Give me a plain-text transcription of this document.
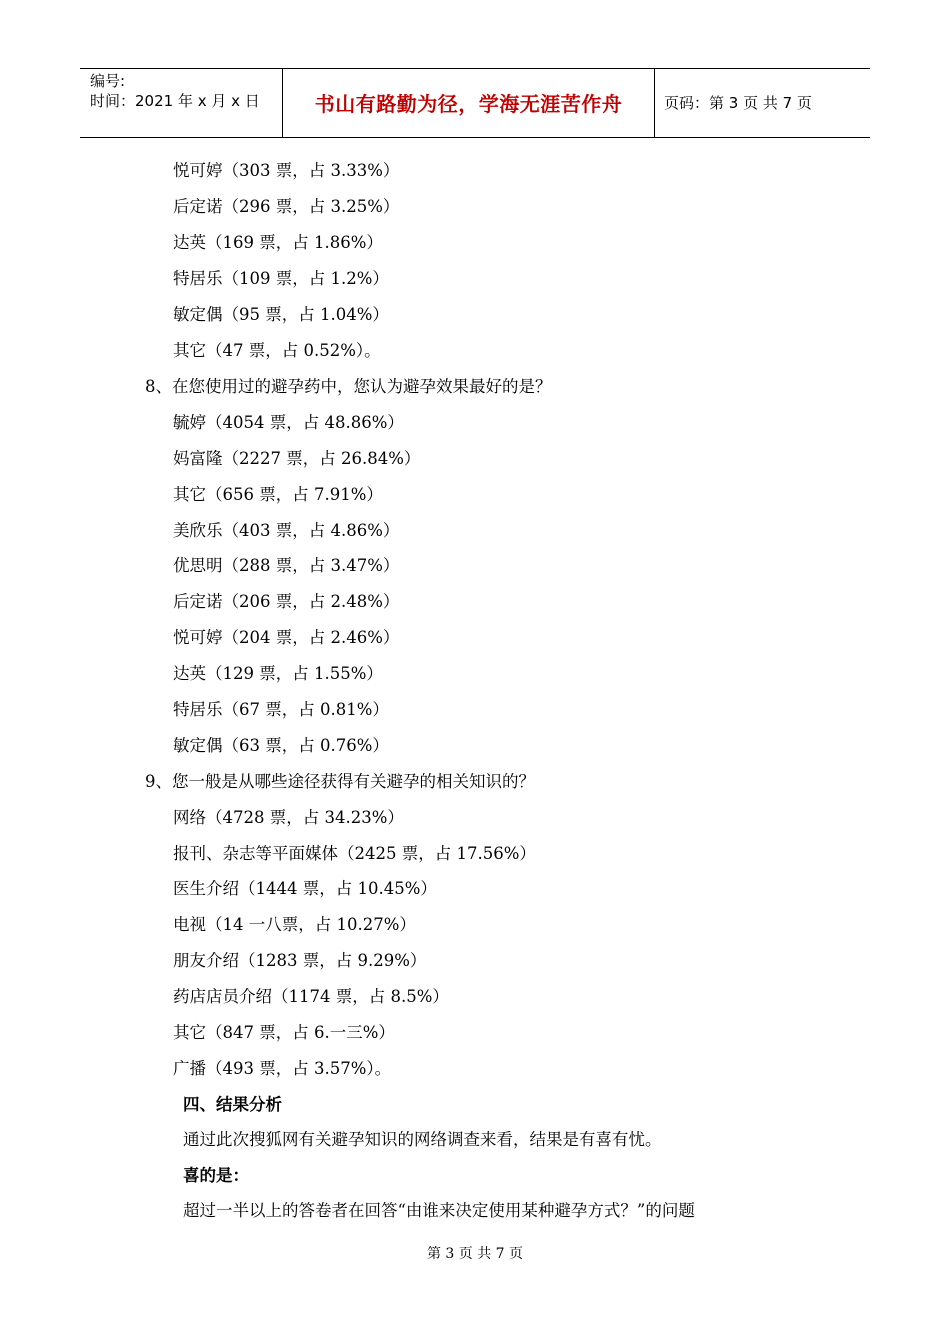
编号:
时间：2021 年 x 月 x 日	书山有路勤为径，学海无涯苦作舟	页码：第 3 页 共 7 页
悦可婷（303 票，占 3.33%）
后定诺（296 票，占 3.25%）
达英（169 票，占 1.86%）
特居乐（109 票，占 1.2%）
敏定偶（95 票，占 1.04%）
其它（47 票，占 0.52%）。
8、在您使用过的避孕药中，您认为避孕效果最好的是？
毓婷（4054 票，占 48.86%）
妈富隆（2227 票，占 26.84%）
其它（656 票，占 7.91%）
美欣乐（403 票，占 4.86%）
优思明（288 票，占 3.47%）
后定诺（206 票，占 2.48%）
悦可婷（204 票，占 2.46%）
达英（129 票，占 1.55%）
特居乐（67 票，占 0.81%）
敏定偶（63 票，占 0.76%）
9、您一般是从哪些途径获得有关避孕的相关知识的？
网络（4728 票，占 34.23%）
报刊、杂志等平面媒体（2425 票，占 17.56%）
医生介绍（1444 票，占 10.45%）
电视（14 一八票，占 10.27%）
朋友介绍（1283 票，占 9.29%）
药店店员介绍（1174 票，占 8.5%）
其它（847 票，占 6.一三%）
广播（493 票，占 3.57%）。
四、结果分析
通过此次搜狐网有关避孕知识的网络调查来看，结果是有喜有忧。
喜的是：
超过一半以上的答卷者在回答“由谁来决定使用某种避孕方式？”的问题
第 3 页 共 7 页
